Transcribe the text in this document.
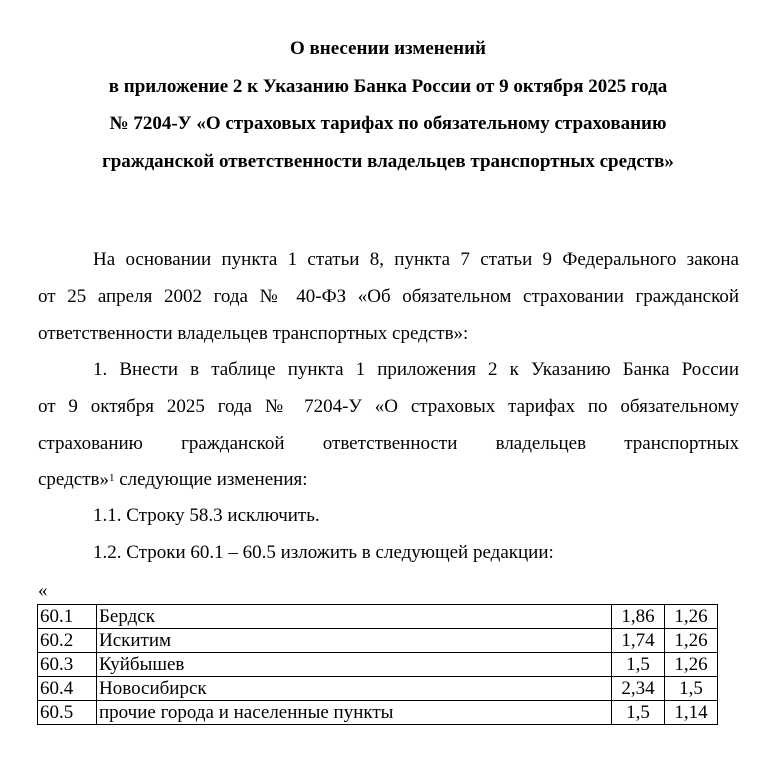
О внесении изменений
в приложение 2 к Указанию Банка России от 9 октября 2025 года
№ 7204-У «О страховых тарифах по обязательному страхованию
гражданской ответственности владельцев транспортных средств»
На основании пункта 1 статьи 8, пункта 7 статьи 9 Федерального закона
от 25 апреля 2002 года № 40-ФЗ «Об обязательном страховании гражданской
ответственности владельцев транспортных средств»:
1. Внести в таблице пункта 1 приложения 2 к Указанию Банка России
от 9 октября 2025 года № 7204-У «О страховых тарифах по обязательному
страхованию гражданской ответственности владельцев транспортных
средств»$^1$ следующие изменения:
1.1. Строку 58.3 исключить.
1.2. Строки 60.1 – 60.5 изложить в следующей редакции:
«
60.1	Бердск	1,86	1,26
60.2	Искитим	1,74	1,26
60.3	Куйбышев	1,5	1,26
60.4	Новосибирск	2,34	1,5
60.5	прочие города и населенные пункты	1,5	1,14
